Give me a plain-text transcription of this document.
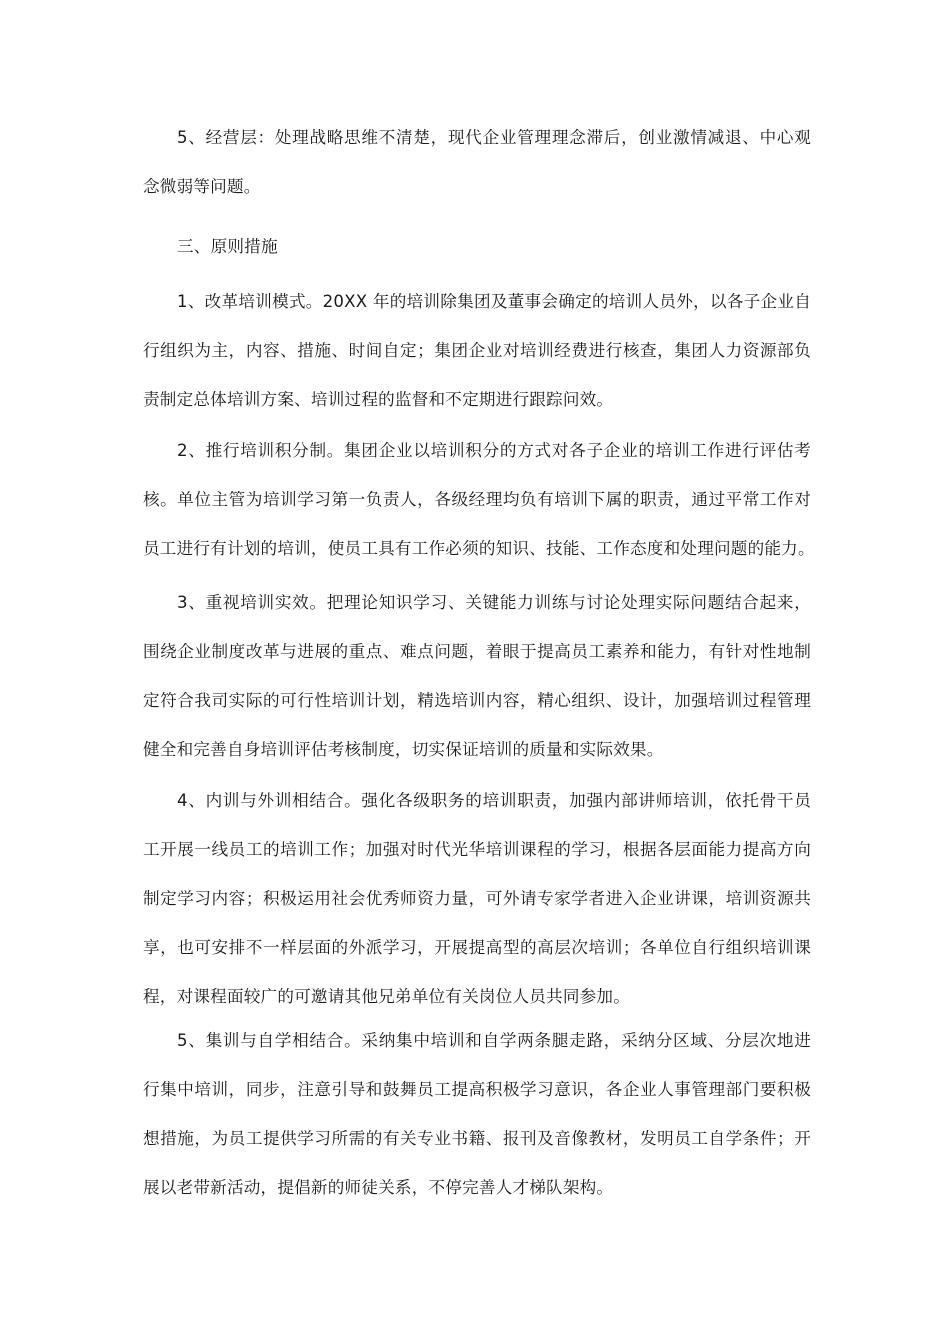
5、经营层：处理战略思维不清楚，现代企业管理理念滞后，创业激情减退、中心观
念微弱等问题。
三、原则措施
1、改革培训模式。20XX 年的培训除集团及董事会确定的培训人员外，以各子企业自
行组织为主，内容、措施、时间自定；集团企业对培训经费进行核查，集团人力资源部负
责制定总体培训方案、培训过程的监督和不定期进行跟踪问效。
2、推行培训积分制。集团企业以培训积分的方式对各子企业的培训工作进行评估考
核。单位主管为培训学习第一负责人，各级经理均负有培训下属的职责，通过平常工作对
员工进行有计划的培训，使员工具有工作必须的知识、技能、工作态度和处理问题的能力。
3、重视培训实效。把理论知识学习、关键能力训练与讨论处理实际问题结合起来，
围绕企业制度改革与进展的重点、难点问题，着眼于提高员工素养和能力，有针对性地制
定符合我司实际的可行性培训计划，精选培训内容，精心组织、设计，加强培训过程管理
健全和完善自身培训评估考核制度，切实保证培训的质量和实际效果。
4、内训与外训相结合。强化各级职务的培训职责，加强内部讲师培训，依托骨干员
工开展一线员工的培训工作；加强对时代光华培训课程的学习，根据各层面能力提高方向
制定学习内容；积极运用社会优秀师资力量，可外请专家学者进入企业讲课，培训资源共
享，也可安排不一样层面的外派学习，开展提高型的高层次培训；各单位自行组织培训课
程，对课程面较广的可邀请其他兄弟单位有关岗位人员共同参加。
5、集训与自学相结合。采纳集中培训和自学两条腿走路，采纳分区域、分层次地进
行集中培训，同步，注意引导和鼓舞员工提高积极学习意识，各企业人事管理部门要积极
想措施，为员工提供学习所需的有关专业书籍、报刊及音像教材，发明员工自学条件；开
展以老带新活动，提倡新的师徒关系，不停完善人才梯队架构。
